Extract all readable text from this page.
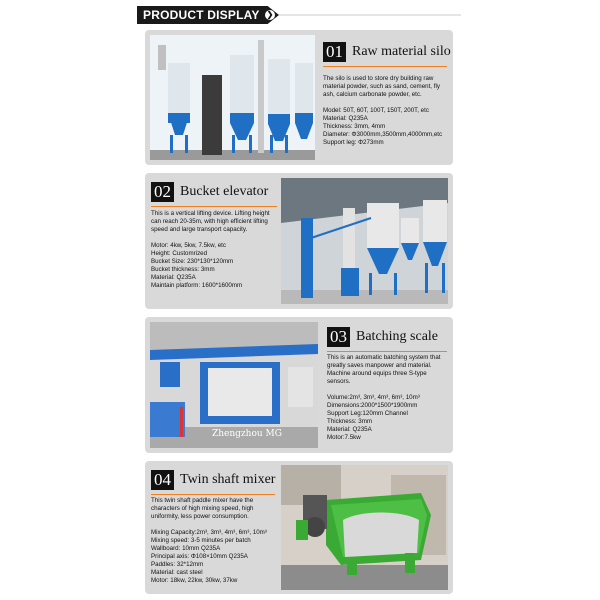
PRODUCT DISPLAY ❯
01 Raw material silo

The silo is used to store dry building raw material powder, such as sand, cement, fly ash, calcium carbonate powder, etc.

Model: 50T, 60T, 100T, 150T, 200T, etc

Material: Q235A

Thickness: 3mm, 4mm

Diameter: Φ3000mm,3500mm,4000mm,etc

Support leg: Φ273mm

02 Bucket elevator

This is a vertical lifting device. Lifting height can reach 20-35m, with high efficient lifting speed and large transport capacity.

Motor: 4kw, 5kw, 7.5kw, etc

Height: Customrized

Bucket Size: 230*130*120mm

Bucket thickness: 3mm

Material: Q235A

Maintain platform: 1600*1600mm

Zhengzhou MG
03 Batching scale

This is an automatic batching system that greatly saves manpower and material. Machine around equips three S-type sensors.

Volume:2m³, 3m³, 4m³, 6m³, 10m³

Dimensions:2000*1500*1900mm

Support Leg:120mm Channel

Thickness: 3mm

Material: Q235A

Motor:7.5kw

04 Twin shaft mixer

This twin shaft paddle mixer have the characters of high mixing speed, high uniformity, less power consumption.

Mixing Capacity:2m³, 3m³, 4m³, 6m³, 10m³

Mixing speed: 3-5 minutes per batch

Wallboard: 10mm Q235A

Principal axis: Φ108×10mm Q235A

Paddles: 32*12mm

Material: cast steel

Motor: 18kw, 22kw, 30kw, 37kw
